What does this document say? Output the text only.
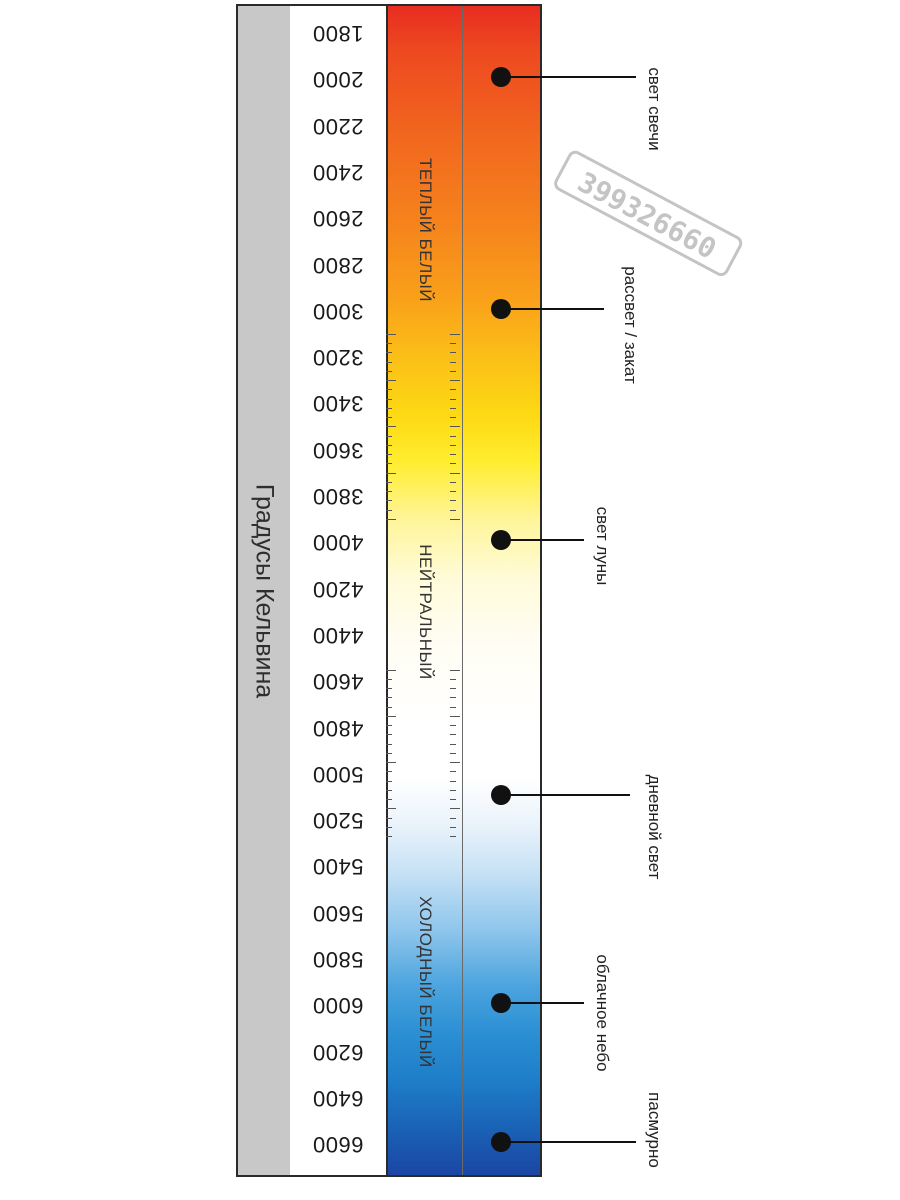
Градусы Кельвина
1800
2000
2200
2400
2600
2800
3000
3200
3400
3600
3800
4000
4200
4400
4600
4800
5000
5200
5400
5600
5800
6000
6200
6400
6600
ТЕПЛЫЙ БЕЛЫЙ
НЕЙТРАЛЬНЫЙ
ХОЛОДНЫЙ БЕЛЫЙ
свет свечи
рассвет / закат
свет луны
дневной свет
облачное небо
пасмурно
399326660
